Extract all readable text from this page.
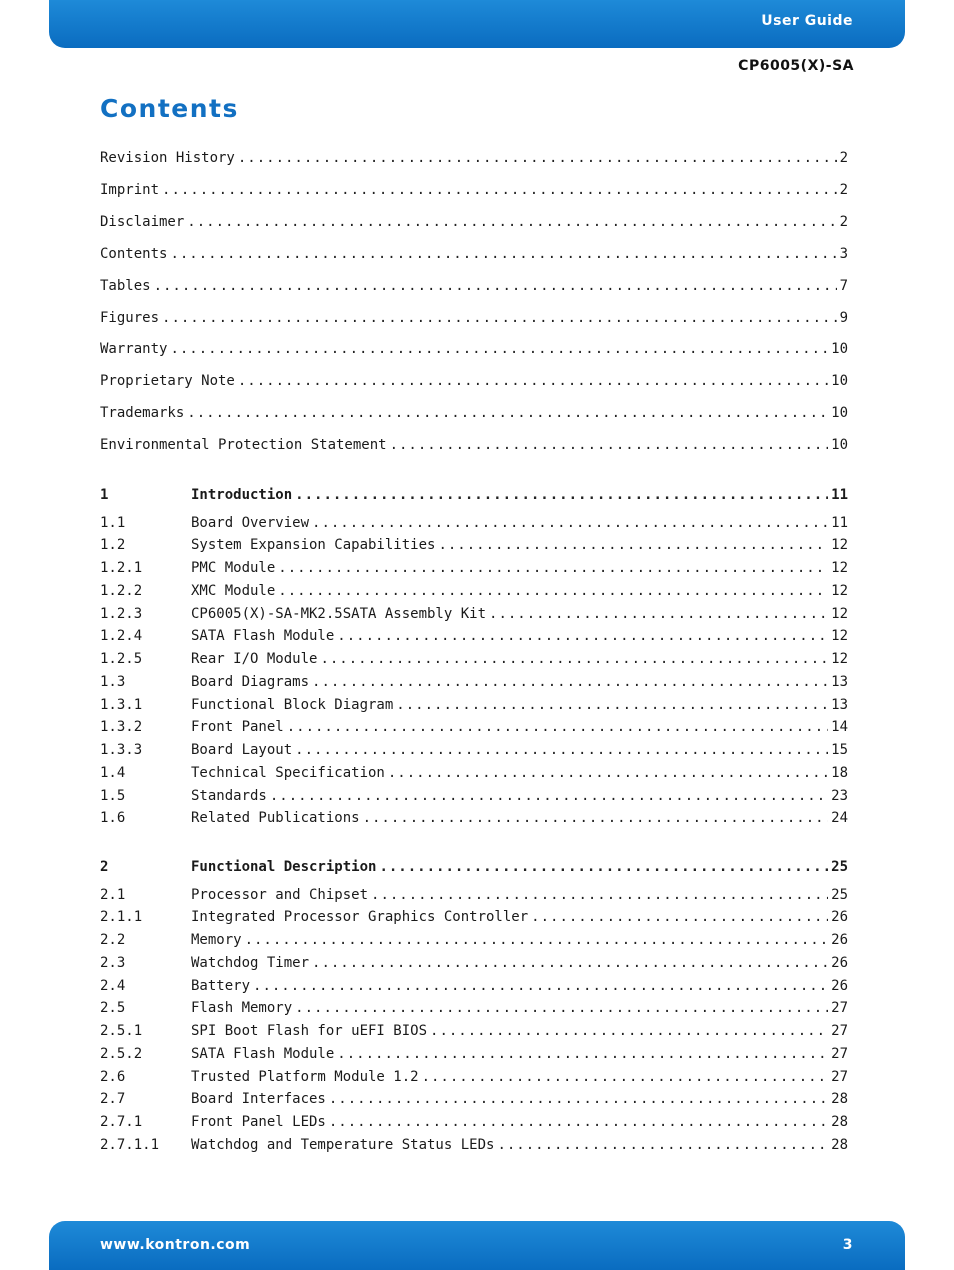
User Guide
CP6005(X)-SA
Contents
Revision History .....	2
Imprint .....	2
Disclaimer .....	2
Contents .....	3
Tables .....	7
Figures .....	9
Warranty .....	10
Proprietary Note .....	10
Trademarks .....	10
Environmental Protection Statement .....	10
1	Introduction .....	11
1.1	Board Overview .....	11
1.2	System Expansion Capabilities .....	12
1.2.1	PMC Module .....	12
1.2.2	XMC Module .....	12
1.2.3	CP6005(X)-SA-MK2.5SATA Assembly Kit .....	12
1.2.4	SATA Flash Module .....	12
1.2.5	Rear I/O Module .....	12
1.3	Board Diagrams .....	13
1.3.1	Functional Block Diagram .....	13
1.3.2	Front Panel .....	14
1.3.3	Board Layout .....	15
1.4	Technical Specification .....	18
1.5	Standards .....	23
1.6	Related Publications .....	24
2	Functional Description .....	25
2.1	Processor and Chipset .....	25
2.1.1	Integrated Processor Graphics Controller .....	26
2.2	Memory .....	26
2.3	Watchdog Timer .....	26
2.4	Battery .....	26
2.5	Flash Memory .....	27
2.5.1	SPI Boot Flash for uEFI BIOS .....	27
2.5.2	SATA Flash Module .....	27
2.6	Trusted Platform Module 1.2 .....	27
2.7	Board Interfaces .....	28
2.7.1	Front Panel LEDs .....	28
2.7.1.1	Watchdog and Temperature Status LEDs .....	28
www.kontron.com	3
